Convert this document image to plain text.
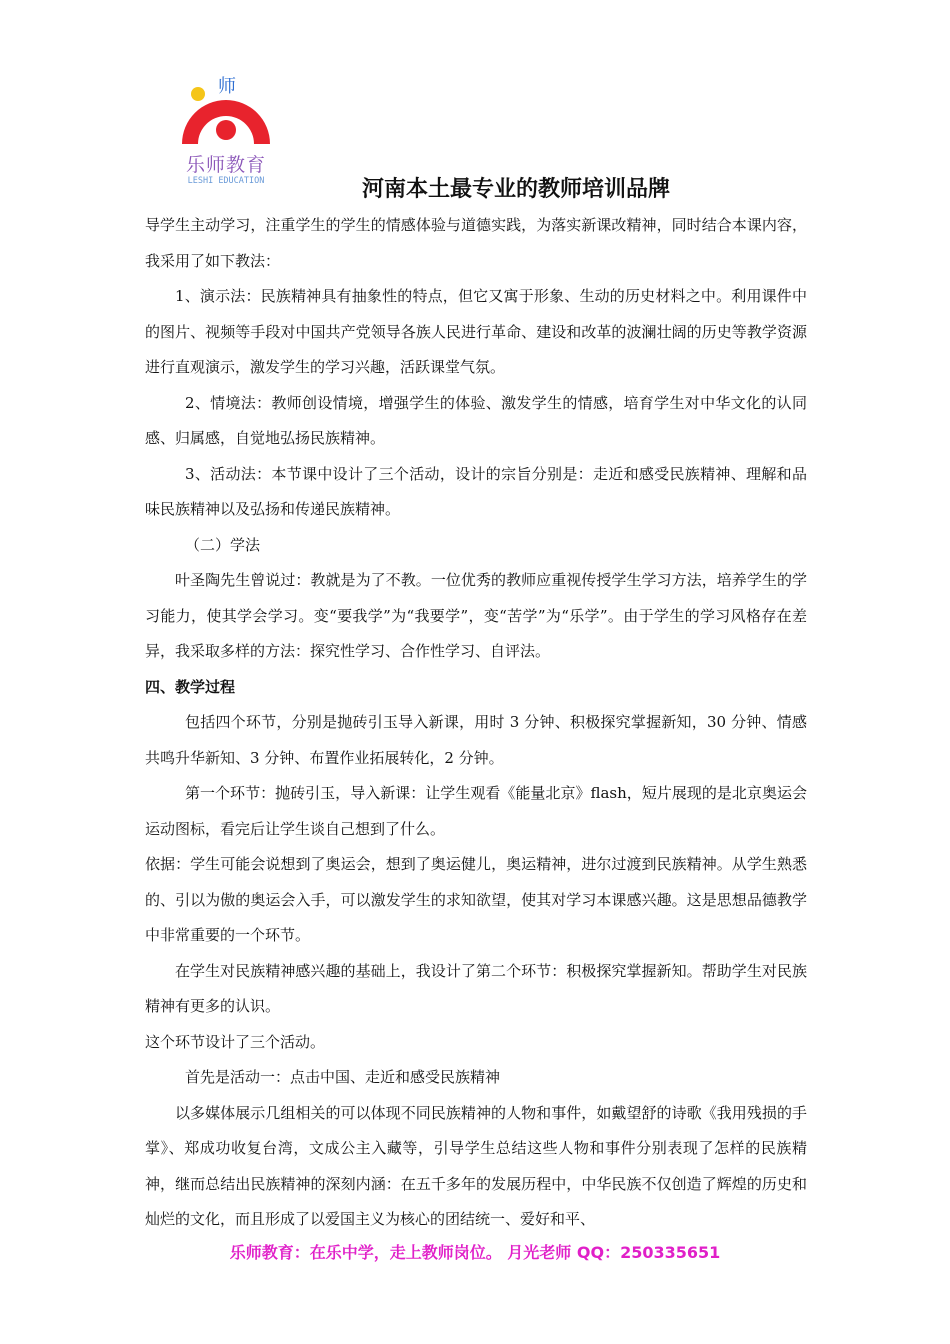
师
乐师教育
LESHI EDUCATION	河南本土最专业的教师培训品牌

导学生主动学习，注重学生的学生的情感体验与道德实践，为落实新课改精神，同时结合本课内容，我采用了如下教法：

1、演示法：民族精神具有抽象性的特点，但它又寓于形象、生动的历史材料之中。利用课件中的图片、视频等手段对中国共产党领导各族人民进行革命、建设和改革的波澜壮阔的历史等教学资源进行直观演示，激发学生的学习兴趣，活跃课堂气氛。

2、情境法：教师创设情境，增强学生的体验、激发学生的情感，培育学生对中华文化的认同感、归属感，自觉地弘扬民族精神。

3、活动法：本节课中设计了三个活动，设计的宗旨分别是：走近和感受民族精神、理解和品味民族精神以及弘扬和传递民族精神。

（二）学法

叶圣陶先生曾说过：教就是为了不教。一位优秀的教师应重视传授学生学习方法，培养学生的学习能力，使其学会学习。变“要我学”为“我要学”，变“苦学”为“乐学”。由于学生的学习风格存在差异，我采取多样的方法：探究性学习、合作性学习、自评法。

四、教学过程

包括四个环节，分别是抛砖引玉导入新课，用时 3 分钟、积极探究掌握新知，30 分钟、情感共鸣升华新知、3 分钟、布置作业拓展转化，2 分钟。

第一个环节：抛砖引玉，导入新课：让学生观看《能量北京》flash，短片展现的是北京奥运会运动图标，看完后让学生谈自己想到了什么。

依据：学生可能会说想到了奥运会，想到了奥运健儿，奥运精神，进尔过渡到民族精神。从学生熟悉的、引以为傲的奥运会入手，可以激发学生的求知欲望，使其对学习本课感兴趣。这是思想品德教学中非常重要的一个环节。

在学生对民族精神感兴趣的基础上，我设计了第二个环节：积极探究掌握新知。帮助学生对民族精神有更多的认识。

这个环节设计了三个活动。

首先是活动一：点击中国、走近和感受民族精神

以多媒体展示几组相关的可以体现不同民族精神的人物和事件，如戴望舒的诗歌《我用残损的手掌》、郑成功收复台湾，文成公主入藏等，引导学生总结这些人物和事件分别表现了怎样的民族精神，继而总结出民族精神的深刻内涵：在五千多年的发展历程中，中华民族不仅创造了辉煌的历史和灿烂的文化，而且形成了以爱国主义为核心的团结统一、爱好和平、

乐师教育：在乐中学，走上教师岗位。 月光老师 QQ：250335651
